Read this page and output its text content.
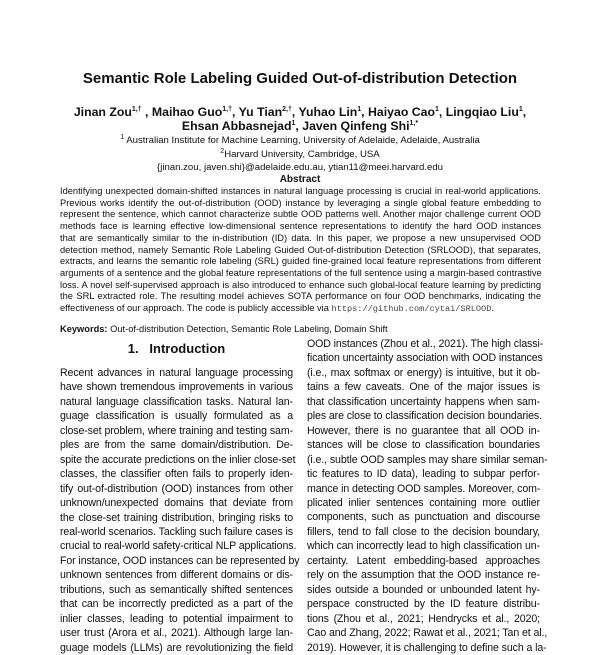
Semantic Role Labeling Guided Out-of-distribution Detection
Jinan Zou$^{1,\dagger}$ , Maihao Guo$^{1,\dagger}$, Yu Tian$^{2,\dagger}$, Yuhao Lin$^1$, Haiyao Cao$^1$, Lingqiao Liu$^1$,
Ehsan Abbasnejad$^1$, Javen Qinfeng Shi$^{1,*}$
$^1$ Australian Institute for Machine Learning, University of Adelaide, Adelaide, Australia
$^2$Harvard University, Cambridge, USA
{jinan.zou, javen.shi}@adelaide.edu.au, ytian11@meei.harvard.edu
Abstract
Identifying unexpected domain-shifted instances in natural language processing is crucial in real-world applications.
Previous works identify the out-of-distribution (OOD) instance by leveraging a single global feature embedding to
represent the sentence, which cannot characterize subtle OOD patterns well. Another major challenge current OOD
methods face is learning effective low-dimensional sentence representations to identify the hard OOD instances
that are semantically similar to the in-distribution (ID) data. In this paper, we propose a new unsupervised OOD
detection method, namely Semantic Role Labeling Guided Out-of-distribution Detection (SRLOOD), that separates,
extracts, and learns the semantic role labeling (SRL) guided fine-grained local feature representations from different
arguments of a sentence and the global feature representations of the full sentence using a margin-based contrastive
loss. A novel self-supervised approach is also introduced to enhance such global-local feature learning by predicting
the SRL extracted role. The resulting model achieves SOTA performance on four OOD benchmarks, indicating the
effectiveness of our approach. The code is publicly accessible via https://github.com/cytai/SRLOOD.
Keywords: Out-of-distribution Detection, Semantic Role Labeling, Domain Shift
1.   Introduction
Recent advances in natural language processing
have shown tremendous improvements in various
natural language classification tasks. Natural lan-
guage classification is usually formulated as a
close-set problem, where training and testing sam-
ples are from the same domain/distribution. De-
spite the accurate predictions on the inlier close-set
classes, the classifier often fails to properly iden-
tify out-of-distribution (OOD) instances from other
unknown/unexpected domains that deviate from
the close-set training distribution, bringing risks to
real-world scenarios. Tackling such failure cases is
crucial to real-world safety-critical NLP applications.
For instance, OOD instances can be represented by
unknown sentences from different domains or dis-
tributions, such as semantically shifted sentences
that can be incorrectly predicted as a part of the
inlier classes, leading to potential impairment to
user trust (Arora et al., 2021). Although large lan-
guage models (LLMs) are revolutionizing the field
OOD instances (Zhou et al., 2021). The high classi-
fication uncertainty association with OOD instances
(i.e., max softmax or energy) is intuitive, but it ob-
tains a few caveats. One of the major issues is
that classification uncertainty happens when sam-
ples are close to classification decision boundaries.
However, there is no guarantee that all OOD in-
stances will be close to classification boundaries
(i.e., subtle OOD samples may share similar seman-
tic features to ID data), leading to subpar perfor-
mance in detecting OOD samples. Moreover, com-
plicated inlier sentences containing more outlier
components, such as punctuation and discourse
fillers, tend to fall close to the decision boundary,
which can incorrectly lead to high classification un-
certainty. Latent embedding-based approaches
rely on the assumption that the OOD instance re-
sides outside a bounded or unbounded latent hy-
perspace constructed by the ID feature distribu-
tions (Zhou et al., 2021; Hendrycks et al., 2020;
Cao and Zhang, 2022; Rawat et al., 2021; Tan et al.,
2019). However, it is challenging to define such a la-
